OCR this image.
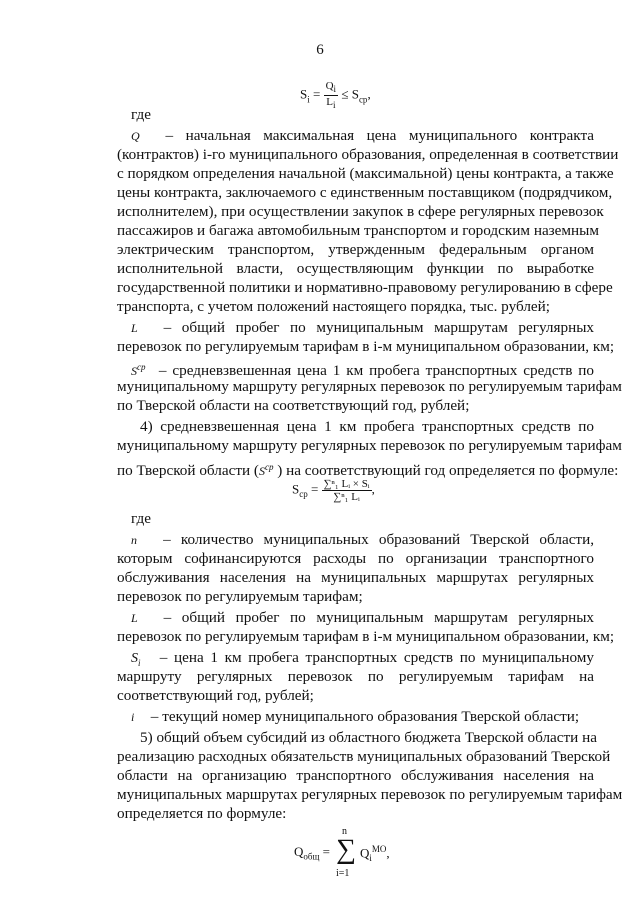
6
$S_i = \frac{Q_i}{L_i} \le S_{ср}$,
где
Q – начальная максимальная цена муниципального контракта
(контрактов) i-го муниципального образования, определенная в соответствии
с порядком определения начальной (максимальной) цены контракта, а также
цены контракта, заключаемого с единственным поставщиком (подрядчиком,
исполнителем), при осуществлении закупок в сфере регулярных перевозок
пассажиров и багажа автомобильным транспортом и городским наземным
электрическим транспортом, утвержденным федеральным органом
исполнительной власти, осуществляющим функции по выработке
государственной политики и нормативно-правовому регулированию в сфере
транспорта, с учетом положений настоящего порядка, тыс. рублей;
L – общий пробег по муниципальным маршрутам регулярных
перевозок по регулируемым тарифам в i-м муниципальном образовании, км;
$S^{ср}$ – средневзвешенная цена 1 км пробега транспортных средств по
муниципальному маршруту регулярных перевозок по регулируемым тарифам
по Тверской области на соответствующий год, рублей;
4) средневзвешенная цена 1 км пробега транспортных средств по
муниципальному маршруту регулярных перевозок по регулируемым тарифам
по Тверской области ($S^{ср}$ ) на соответствующий год определяется по формуле:
$S_{ср} = \frac{\text{∑ⁿ₁ Lᵢ × Sᵢ}}{\text{∑ⁿ₁ Lᵢ}}$ ,
где
n – количество муниципальных образований Тверской области,
которым софинансируются расходы по организации транспортного
обслуживания населения на муниципальных маршрутах регулярных
перевозок по регулируемым тарифам;
L – общий пробег по муниципальным маршрутам регулярных
перевозок по регулируемым тарифам в i-м муниципальном образовании, км;
$S_i$ – цена 1 км пробега транспортных средств по муниципальному
маршруту регулярных перевозок по регулируемым тарифам на
соответствующий год, рублей;
i – текущий номер муниципального образования Тверской области;
5) общий объем субсидий из областного бюджета Тверской области на
реализацию расходных обязательств муниципальных образований Тверской
области на организацию транспортного обслуживания населения на
муниципальных маршрутах регулярных перевозок по регулируемым тарифам
определяется по формуле:
$Q_{общ}$ =
n
∑
i=1
$Q_i^{МО}$,
